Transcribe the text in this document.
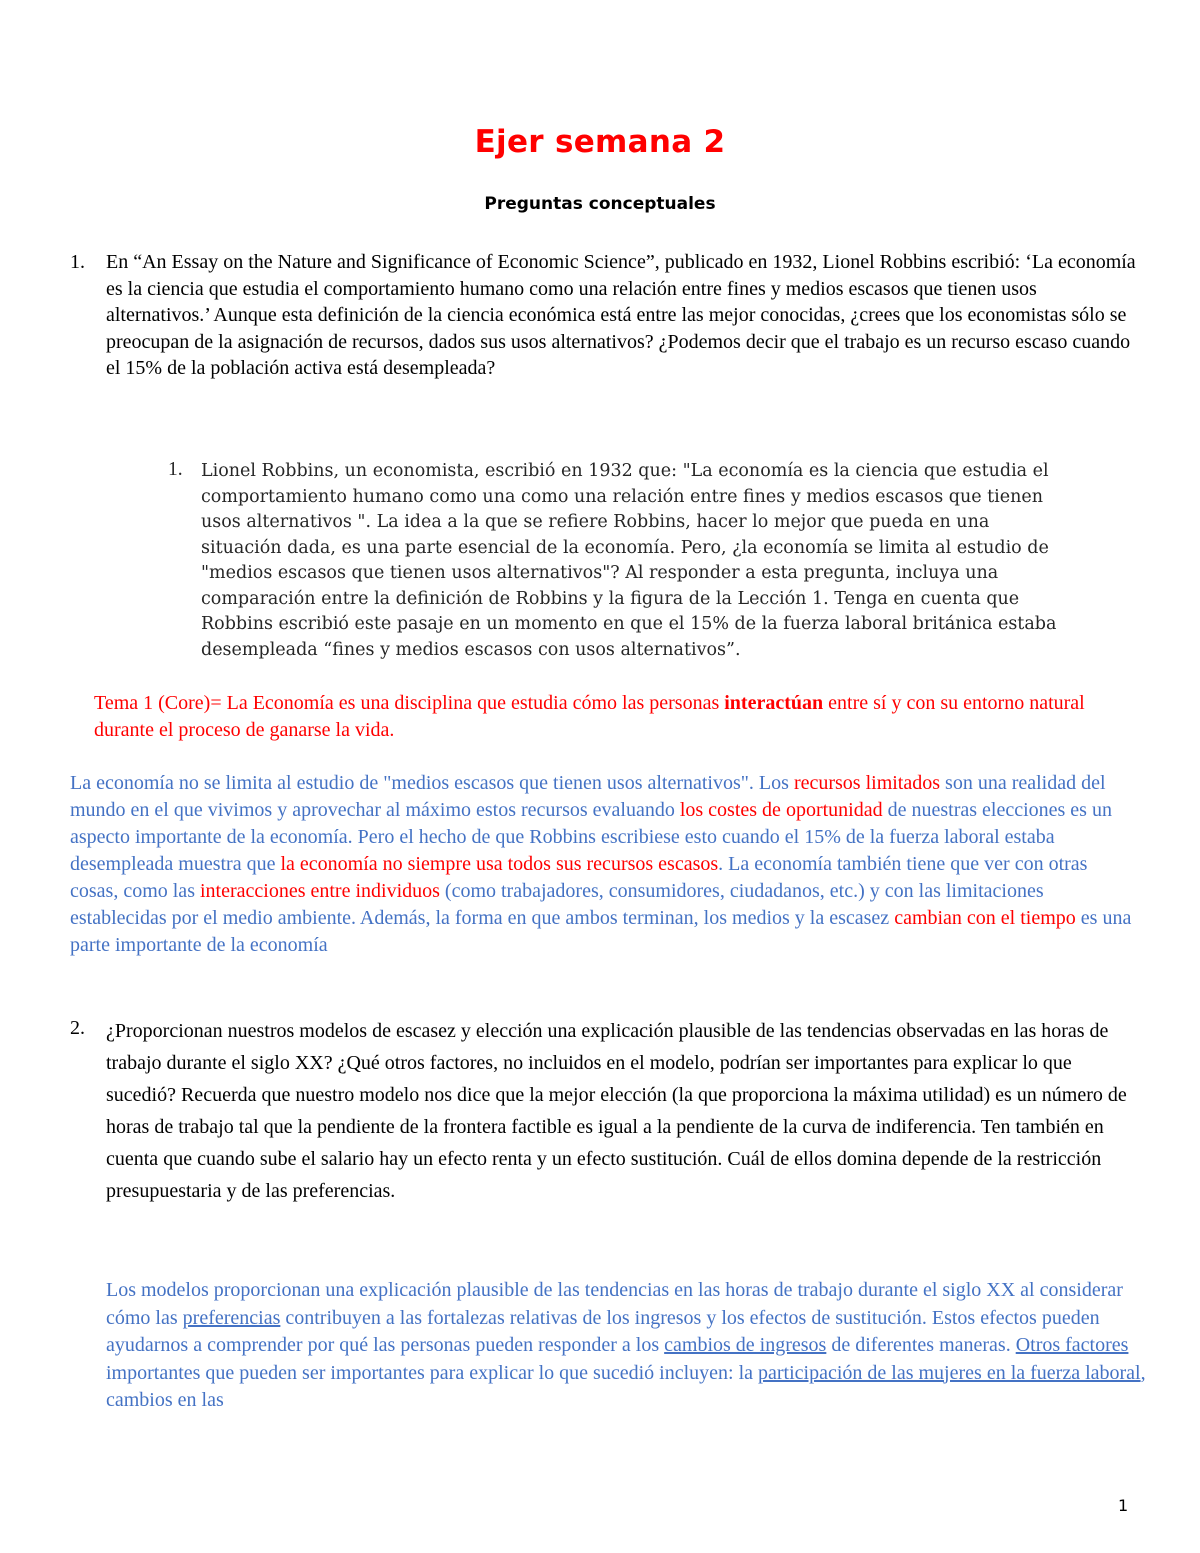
Ejer semana 2
Preguntas conceptuales
1. En “An Essay on the Nature and Significance of Economic Science”, publicado en 1932, Lionel Robbins escribió: ‘La economía es la ciencia que estudia el comportamiento humano como una relación entre fines y medios escasos que tienen usos alternativos.’ Aunque esta definición de la ciencia económica está entre las mejor conocidas, ¿crees que los economistas sólo se preocupan de la asignación de recursos, dados sus usos alternativos? ¿Podemos decir que el trabajo es un recurso escaso cuando el 15% de la población activa está desempleada?
1. Lionel Robbins, un economista, escribió en 1932 que: "La economía es la ciencia que estudia el comportamiento humano como una como una relación entre fines y medios escasos que tienen usos alternativos ". La idea a la que se refiere Robbins, hacer lo mejor que pueda en una situación dada, es una parte esencial de la economía. Pero, ¿la economía se limita al estudio de "medios escasos que tienen usos alternativos"? Al responder a esta pregunta, incluya una comparación entre la definición de Robbins y la figura de la Lección 1. Tenga en cuenta que Robbins escribió este pasaje en un momento en que el 15% de la fuerza laboral británica estaba desempleada “fines y medios escasos con usos alternativos”.
Tema 1 (Core)= La Economía es una disciplina que estudia cómo las personas interactúan entre sí y con su entorno natural durante el proceso de ganarse la vida.
La economía no se limita al estudio de "medios escasos que tienen usos alternativos". Los recursos limitados son una realidad del mundo en el que vivimos y aprovechar al máximo estos recursos evaluando los costes de oportunidad de nuestras elecciones es un aspecto importante de la economía. Pero el hecho de que Robbins escribiese esto cuando el 15% de la fuerza laboral estaba desempleada muestra que la economía no siempre usa todos sus recursos escasos. La economía también tiene que ver con otras cosas, como las interacciones entre individuos (como trabajadores, consumidores, ciudadanos, etc.) y con las limitaciones establecidas por el medio ambiente. Además, la forma en que ambos terminan, los medios y la escasez cambian con el tiempo es una parte importante de la economía
2. ¿Proporcionan nuestros modelos de escasez y elección una explicación plausible de las tendencias observadas en las horas de trabajo durante el siglo XX? ¿Qué otros factores, no incluidos en el modelo, podrían ser importantes para explicar lo que sucedió? Recuerda que nuestro modelo nos dice que la mejor elección (la que proporciona la máxima utilidad) es un número de horas de trabajo tal que la pendiente de la frontera factible es igual a la pendiente de la curva de indiferencia. Ten también en cuenta que cuando sube el salario hay un efecto renta y un efecto sustitución. Cuál de ellos domina depende de la restricción presupuestaria y de las preferencias.
Los modelos proporcionan una explicación plausible de las tendencias en las horas de trabajo durante el siglo XX al considerar cómo las preferencias contribuyen a las fortalezas relativas de los ingresos y los efectos de sustitución. Estos efectos pueden ayudarnos a comprender por qué las personas pueden responder a los cambios de ingresos de diferentes maneras. Otros factores importantes que pueden ser importantes para explicar lo que sucedió incluyen: la participación de las mujeres en la fuerza laboral, cambios en las
1
